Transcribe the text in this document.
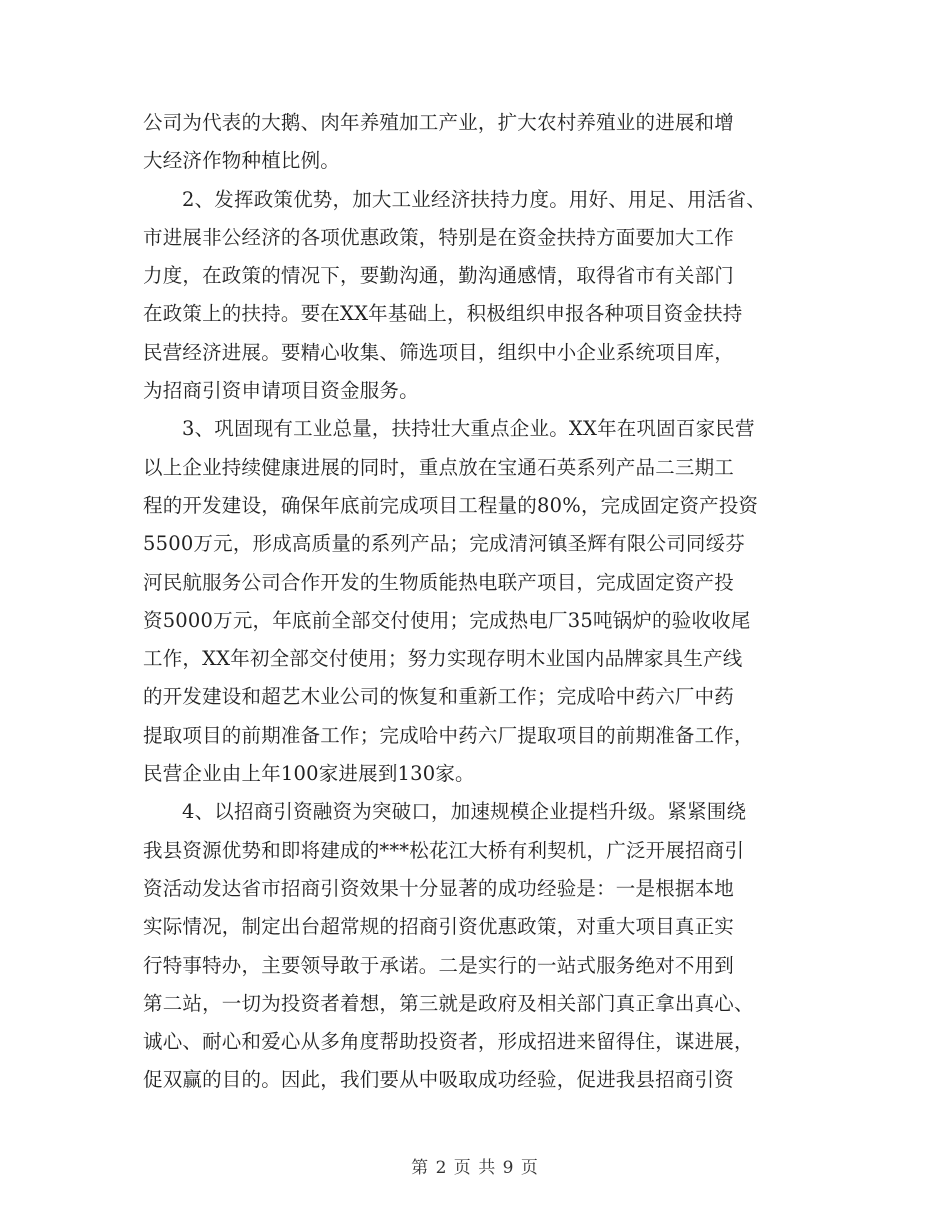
公司为代表的大鹅、肉年养殖加工产业，扩大农村养殖业的进展和增
大经济作物种植比例。
2、发挥政策优势，加大工业经济扶持力度。用好、用足、用活省、
市进展非公经济的各项优惠政策，特别是在资金扶持方面要加大工作
力度，在政策的情况下，要勤沟通，勤沟通感情，取得省市有关部门
在政策上的扶持。要在XX年基础上，积极组织申报各种项目资金扶持
民营经济进展。要精心收集、筛选项目，组织中小企业系统项目库，
为招商引资申请项目资金服务。
3、巩固现有工业总量，扶持壮大重点企业。XX年在巩固百家民营
以上企业持续健康进展的同时，重点放在宝通石英系列产品二三期工
程的开发建设，确保年底前完成项目工程量的80%，完成固定资产投资
5500万元，形成高质量的系列产品；完成清河镇圣辉有限公司同绥芬
河民航服务公司合作开发的生物质能热电联产项目，完成固定资产投
资5000万元，年底前全部交付使用；完成热电厂35吨锅炉的验收收尾
工作，XX年初全部交付使用；努力实现存明木业国内品牌家具生产线
的开发建设和超艺木业公司的恢复和重新工作；完成哈中药六厂中药
提取项目的前期准备工作；完成哈中药六厂提取项目的前期准备工作，
民营企业由上年100家进展到130家。
4、以招商引资融资为突破口，加速规模企业提档升级。紧紧围绕
我县资源优势和即将建成的***松花江大桥有利契机，广泛开展招商引
资活动发达省市招商引资效果十分显著的成功经验是：一是根据本地
实际情况，制定出台超常规的招商引资优惠政策，对重大项目真正实
行特事特办，主要领导敢于承诺。二是实行的一站式服务绝对不用到
第二站，一切为投资者着想，第三就是政府及相关部门真正拿出真心、
诚心、耐心和爱心从多角度帮助投资者，形成招进来留得住，谋进展，
促双赢的目的。因此，我们要从中吸取成功经验，促进我县招商引资
第 2 页 共 9 页
